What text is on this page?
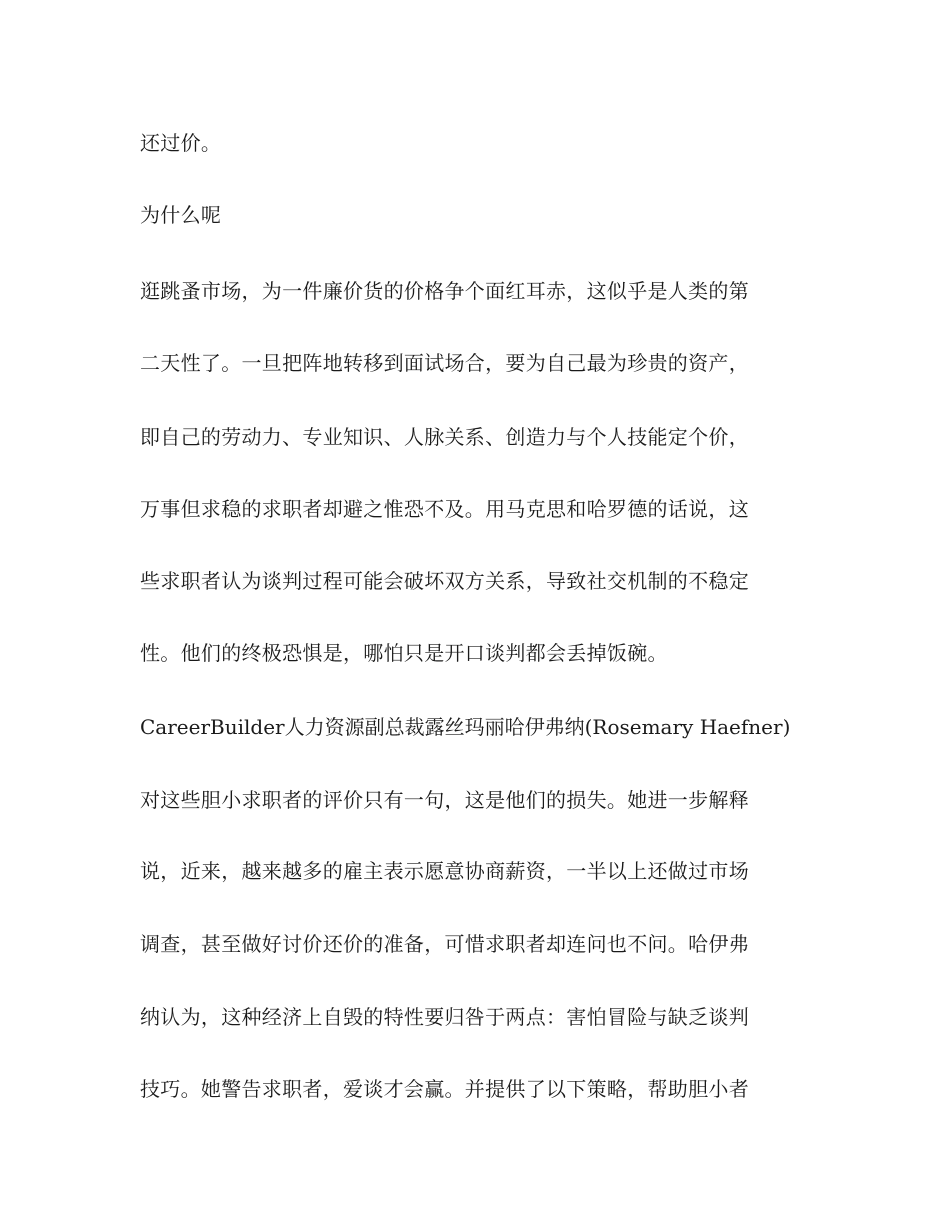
还过价。
为什么呢
逛跳蚤市场，为一件廉价货的价格争个面红耳赤，这似乎是人类的第
二天性了。一旦把阵地转移到面试场合，要为自己最为珍贵的资产，
即自己的劳动力、专业知识、人脉关系、创造力与个人技能定个价，
万事但求稳的求职者却避之惟恐不及。用马克思和哈罗德的话说，这
些求职者认为谈判过程可能会破坏双方关系，导致社交机制的不稳定
性。他们的终极恐惧是，哪怕只是开口谈判都会丢掉饭碗。
CareerBuilder人力资源副总裁露丝玛丽哈伊弗纳(Rosemary Haefner)
对这些胆小求职者的评价只有一句，这是他们的损失。她进一步解释
说，近来，越来越多的雇主表示愿意协商薪资，一半以上还做过市场
调查，甚至做好讨价还价的准备，可惜求职者却连问也不问。哈伊弗
纳认为，这种经济上自毁的特性要归咎于两点：害怕冒险与缺乏谈判
技巧。她警告求职者，爱谈才会赢。并提供了以下策略，帮助胆小者
